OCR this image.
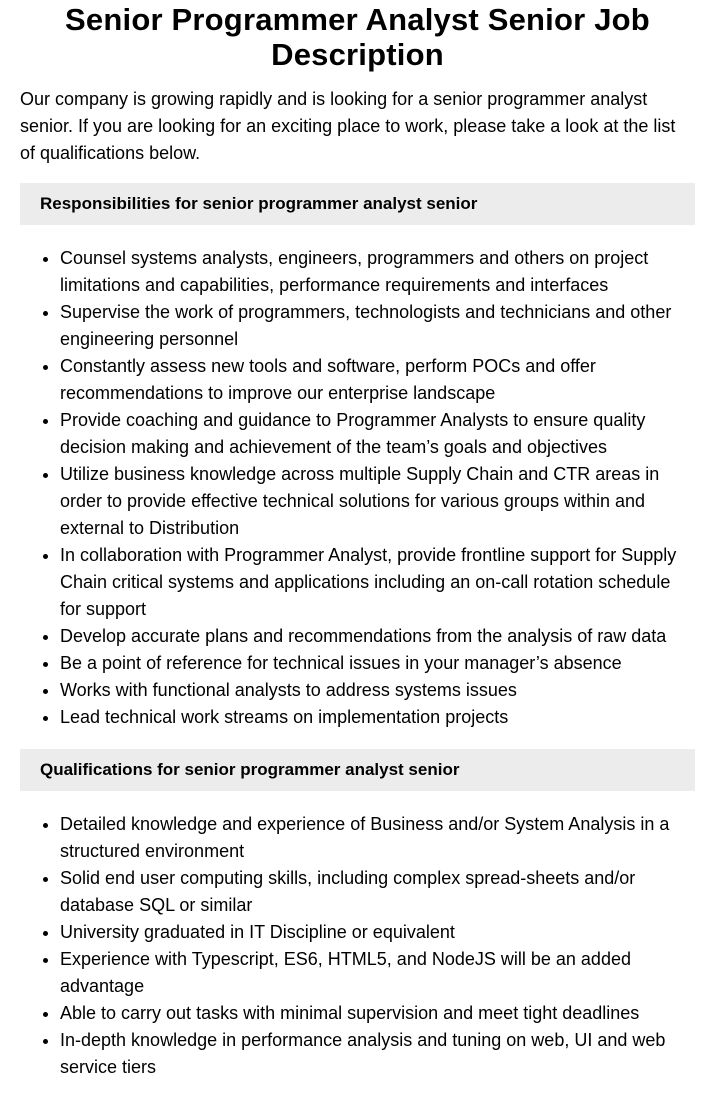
Senior Programmer Analyst Senior Job Description

Our company is growing rapidly and is looking for a senior programmer analyst senior. If you are looking for an exciting place to work, please take a look at the list of qualifications below.

Responsibilities for senior programmer analyst senior
• Counsel systems analysts, engineers, programmers and others on project limitations and capabilities, performance requirements and interfaces
• Supervise the work of programmers, technologists and technicians and other engineering personnel
• Constantly assess new tools and software, perform POCs and offer recommendations to improve our enterprise landscape
• Provide coaching and guidance to Programmer Analysts to ensure quality decision making and achievement of the team’s goals and objectives
• Utilize business knowledge across multiple Supply Chain and CTR areas in order to provide effective technical solutions for various groups within and external to Distribution
• In collaboration with Programmer Analyst, provide frontline support for Supply Chain critical systems and applications including an on-call rotation schedule for support
• Develop accurate plans and recommendations from the analysis of raw data
• Be a point of reference for technical issues in your manager’s absence
• Works with functional analysts to address systems issues
• Lead technical work streams on implementation projects
Qualifications for senior programmer analyst senior
• Detailed knowledge and experience of Business and/or System Analysis in a structured environment
• Solid end user computing skills, including complex spread-sheets and/or database SQL or similar
• University graduated in IT Discipline or equivalent
• Experience with Typescript, ES6, HTML5, and NodeJS will be an added advantage
• Able to carry out tasks with minimal supervision and meet tight deadlines
• In-depth knowledge in performance analysis and tuning on web, UI and web service tiers
